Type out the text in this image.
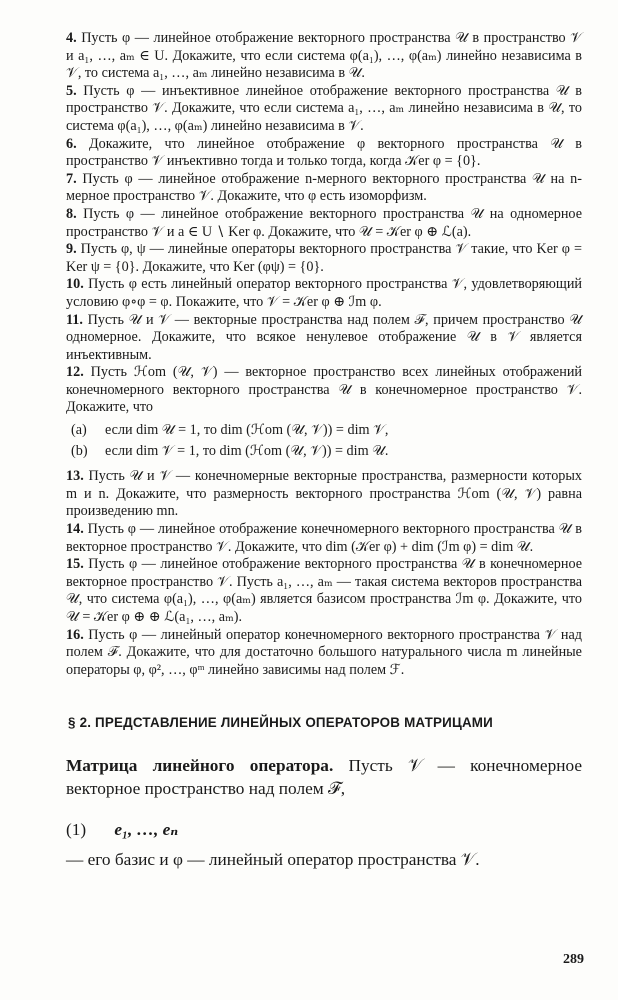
4. Пусть φ — линейное отображение векторного пространства 𝒰 в пространство 𝒱 и a₁, …, aₘ ∈ U. Докажите, что если система φ(a₁), …, φ(aₘ) линейно независима в 𝒱, то система a₁, …, aₘ линейно независима в 𝒰.

5. Пусть φ — инъективное линейное отображение векторного пространства 𝒰 в пространство 𝒱. Докажите, что если система a₁, …, aₘ линейно независима в 𝒰, то система φ(a₁), …, φ(aₘ) линейно независима в 𝒱.

6. Докажите, что линейное отображение φ векторного пространства 𝒰 в пространство 𝒱 инъективно тогда и только тогда, когда 𝒦er φ = {0}.

7. Пусть φ — линейное отображение n-мерного векторного пространства 𝒰 на n-мерное пространство 𝒱. Докажите, что φ есть изоморфизм.

8. Пусть φ — линейное отображение векторного пространства 𝒰 на одномерное пространство 𝒱 и a ∈ U ∖ Ker φ. Докажите, что 𝒰 = 𝒦er φ ⊕ ℒ(a).

9. Пусть φ, ψ — линейные операторы векторного пространства 𝒱 такие, что Ker φ = Ker ψ = {0}. Докажите, что Ker (φψ) = {0}.

10. Пусть φ есть линейный оператор векторного пространства 𝒱, удовлетворяющий условию φ∘φ = φ. Покажите, что 𝒱 = 𝒦er φ ⊕ ℐm φ.

11. Пусть 𝒰 и 𝒱 — векторные пространства над полем ℱ, причем пространство 𝒰 одномерное. Докажите, что всякое ненулевое отображение 𝒰 в 𝒱 является инъективным.

12. Пусть ℋom (𝒰, 𝒱) — векторное пространство всех линейных отображений конечномерного векторного пространства 𝒰 в конечномерное пространство 𝒱. Докажите, что

(a)	если dim 𝒰 = 1, то dim (ℋom (𝒰, 𝒱)) = dim 𝒱,
(b)	если dim 𝒱 = 1, то dim (ℋom (𝒰, 𝒱)) = dim 𝒰.

13. Пусть 𝒰 и 𝒱 — конечномерные векторные пространства, размерности которых m и n. Докажите, что размерность векторного пространства ℋom (𝒰, 𝒱) равна произведению mn.

14. Пусть φ — линейное отображение конечномерного векторного пространства 𝒰 в векторное пространство 𝒱. Докажите, что dim (𝒦er φ) + dim (ℐm φ) = dim 𝒰.

15. Пусть φ — линейное отображение векторного пространства 𝒰 в конечномерное векторное пространство 𝒱. Пусть a₁, …, aₘ — такая система векторов пространства 𝒰, что система φ(a₁), …, φ(aₘ) является базисом пространства ℐm φ. Докажите, что 𝒰 = 𝒦er φ ⊕ ⊕ ℒ(a₁, …, aₘ).

16. Пусть φ — линейный оператор конечномерного векторного пространства 𝒱 над полем ℱ. Докажите, что для достаточно большого натурального числа m линейные операторы φ, φ², …, φᵐ линейно зависимы над полем ℱ.

§ 2. ПРЕДСТАВЛЕНИЕ ЛИНЕЙНЫХ ОПЕРАТОРОВ МАТРИЦАМИ

Матрица линейного оператора. Пусть 𝒱 — конечномерное векторное пространство над полем ℱ,

(1) e₁, …, eₙ

— его базис и φ — линейный оператор пространства 𝒱.

289
